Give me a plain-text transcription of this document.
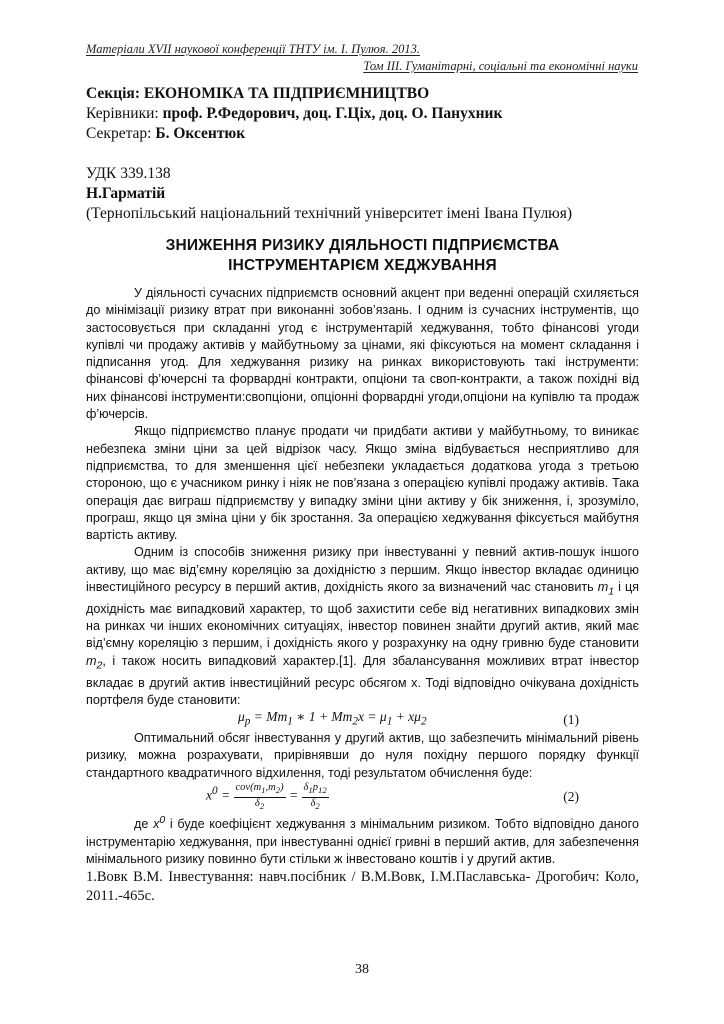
Матеріали XVІІ наукової конференції ТНТУ ім. І. Пулюя. 2013.
Том ІІІ. Гуманітарні, соціальні та економічні науки
Секція: ЕКОНОМІКА ТА ПІДПРИЄМНИЦТВО
Керівники: проф. Р.Федорович, доц. Г.Ціх, доц. О. Панухник
Секретар: Б. Оксентюк
УДК 339.138
Н.Гарматій
(Тернопільський національний технічний університет імені Івана Пулюя)
ЗНИЖЕННЯ РИЗИКУ ДІЯЛЬНОСТІ ПІДПРИЄМСТВА
ІНСТРУМЕНТАРІЄМ ХЕДЖУВАННЯ

У діяльності сучасних підприємств основний акцент при веденні операцій схиляється до мінімізації ризику втрат при виконанні зобов’язань. І одним із сучасних інструментів, що застосовується при складанні угод є інструментарій хеджування, тобто фінансові угоди купівлі чи продажу активів у майбутньому за цінами, які фіксуються на момент складання і підписання угод. Для хеджування ризику на ринках використовують такі інструменти: фінансові ф’ючерсні та форвардні контракти, опціони та своп-контракти, а також похідні від них фінансові інструменти:свопціони, опціонні форвардні угоди,опціони на купівлю та продаж ф’ючерсів.

Якщо підприємство планує продати чи придбати активи у майбутньому, то виникає небезпека зміни ціни за цей відрізок часу. Якщо зміна відбувається несприятливо для підприємства, то для зменшення цієї небезпеки укладається додаткова угода з третьою стороною, що є учасником ринку і ніяк не пов’язана з операцією купівлі продажу активів. Така операція дає виграш підприємству у випадку зміни ціни активу у бік зниження, і, зрозуміло, програш, якщо ця зміна ціни у бік зростання. За операцією хеджування фіксується майбутня вартість активу.

Одним із способів зниження ризику при інвестуванні у певний актив-пошук іншого активу, що має від’ємну кореляцію за дохідністю з першим. Якщо інвестор вкладає одиницю інвестиційного ресурсу в перший актив, дохідність якого за визначений час становить $m_1$ і ця дохідність має випадковий характер, то щоб захистити себе від негативних випадкових змін на ринках чи інших економічних ситуаціях, інвестор повинен знайти другий актив, який має від’ємну кореляцію з першим, і дохідність якого у розрахунку на одну гривню буде становити $m_2$, і також носить випадковий характер.[1]. Для збалансування можливих втрат інвестор вкладає в другий актив інвестиційний ресурс обсягом x. Тоді відповідно очікувана дохідність портфеля буде становити:

$\mu_p = Mm_1$ ∗ $1 + Mm_2x = \mu_1 + x\mu_2$	(1)

Оптимальний обсяг інвестування у другий актив, що забезпечить мінімальний рівень ризику, можна розрахувати, прирівнявши до нуля похідну першого порядку функції стандартного квадратичного відхилення, тоді результатом обчислення буде:

$x^0$ =
$cov(m_1,m_2)$
$\delta_2$
= $\frac{\delta_1p_{12}}{\delta_2}$	(2)

де $x^0$ і буде коефіцієнт хеджування з мінімальним ризиком. Тобто відповідно даного інструментарію хеджування, при інвестуванні однієї гривні в перший актив, для забезпечення мінімального ризику повинно бути стільки ж інвестовано коштів і у другий актив.

1.Вовк В.М. Інвестування: навч.посібник / В.М.Вовк, І.М.Паславська- Дрогобич: Коло, 2011.-465с.

38
